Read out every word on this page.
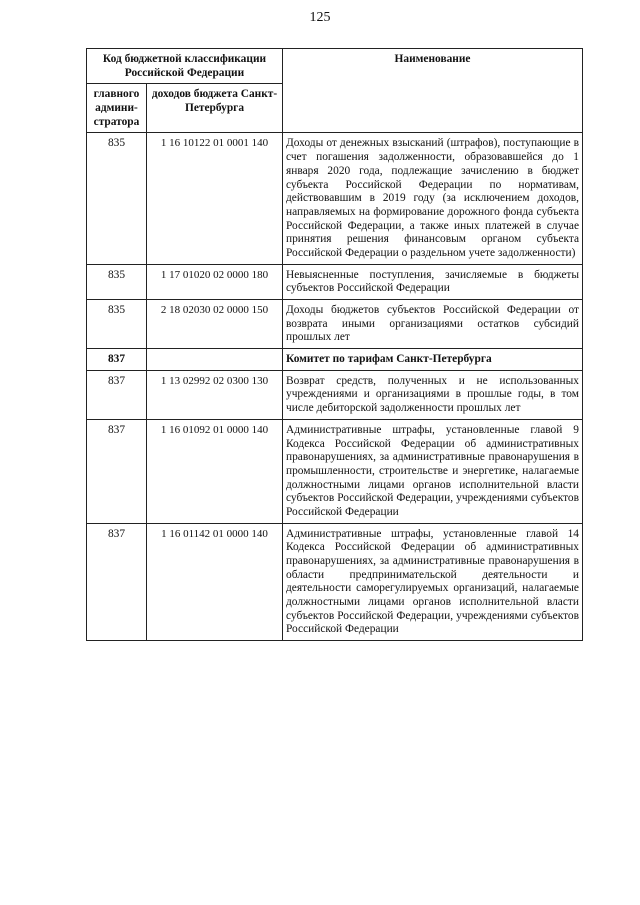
125
Код бюджетной классификации Российской Федерации		Наименование
главного админи-стратора	доходов бюджета Санкт-Петербурга	
835	1 16 10122 01 0001 140	Доходы от денежных взысканий (штрафов), поступающие в счет погашения задолженности, образовавшейся до 1 января 2020 года, подлежащие зачислению в бюджет субъекта Российской Федерации по нормативам, действовавшим в 2019 году (за исключением доходов, направляемых на формирование дорожного фонда субъекта Российской Федерации, а также иных платежей в случае принятия решения финансовым органом субъекта Российской Федерации о раздельном учете задолженности)
835	1 17 01020 02 0000 180	Невыясненные поступления, зачисляемые в бюджеты субъектов Российской Федерации
835	2 18 02030 02 0000 150	Доходы бюджетов субъектов Российской Федерации от возврата иными организациями остатков субсидий прошлых лет
837		Комитет по тарифам Санкт-Петербурга
837	1 13 02992 02 0300 130	Возврат средств, полученных и не использованных учреждениями и организациями в прошлые годы, в том числе дебиторской задолженности прошлых лет
837	1 16 01092 01 0000 140	Административные штрафы, установленные главой 9 Кодекса Российской Федерации об административных правонарушениях, за административные правонарушения в промышленности, строительстве и энергетике, налагаемые должностными лицами органов исполнительной власти субъектов Российской Федерации, учреждениями субъектов Российской Федерации
837	1 16 01142 01 0000 140	Административные штрафы, установленные главой 14 Кодекса Российской Федерации об административных правонарушениях, за административные правонарушения в области предпринимательской деятельности и деятельности саморегулируемых организаций, налагаемые должностными лицами органов исполнительной власти субъектов Российской Федерации, учреждениями субъектов Российской Федерации
